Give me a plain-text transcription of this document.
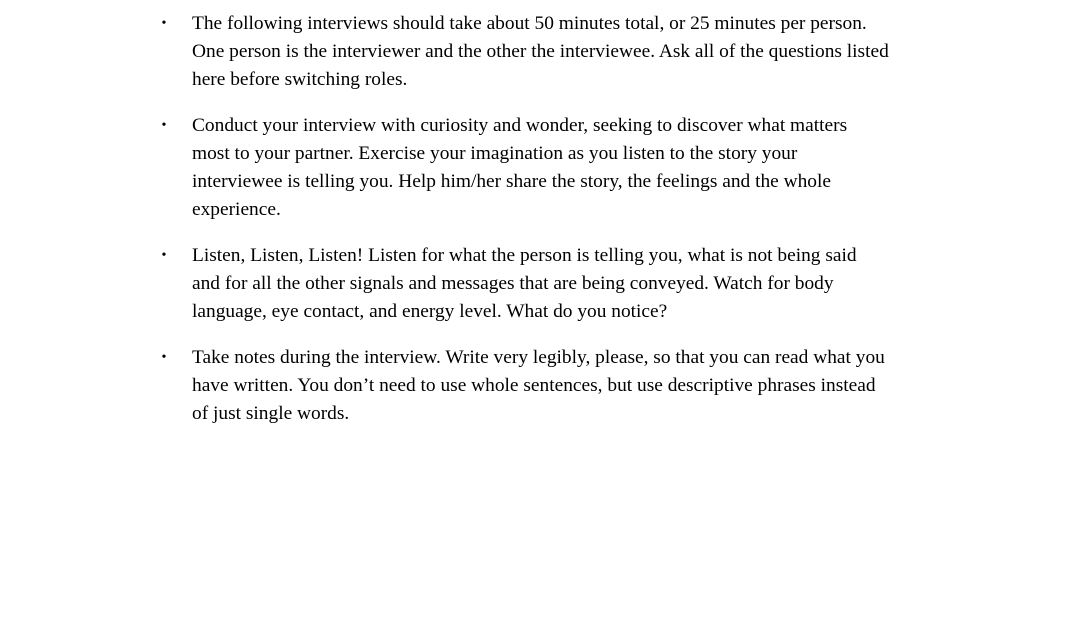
• The following interviews should take about 50 minutes total, or 25 minutes per person.
One person is the interviewer and the other the interviewee. Ask all of the questions listed
here before switching roles.
• Conduct your interview with curiosity and wonder, seeking to discover what matters
most to your partner. Exercise your imagination as you listen to the story your
interviewee is telling you. Help him/her share the story, the feelings and the whole
experience.
• Listen, Listen, Listen! Listen for what the person is telling you, what is not being said
and for all the other signals and messages that are being conveyed. Watch for body
language, eye contact, and energy level. What do you notice?
• Take notes during the interview. Write very legibly, please, so that you can read what you
have written. You don’t need to use whole sentences, but use descriptive phrases instead
of just single words.
